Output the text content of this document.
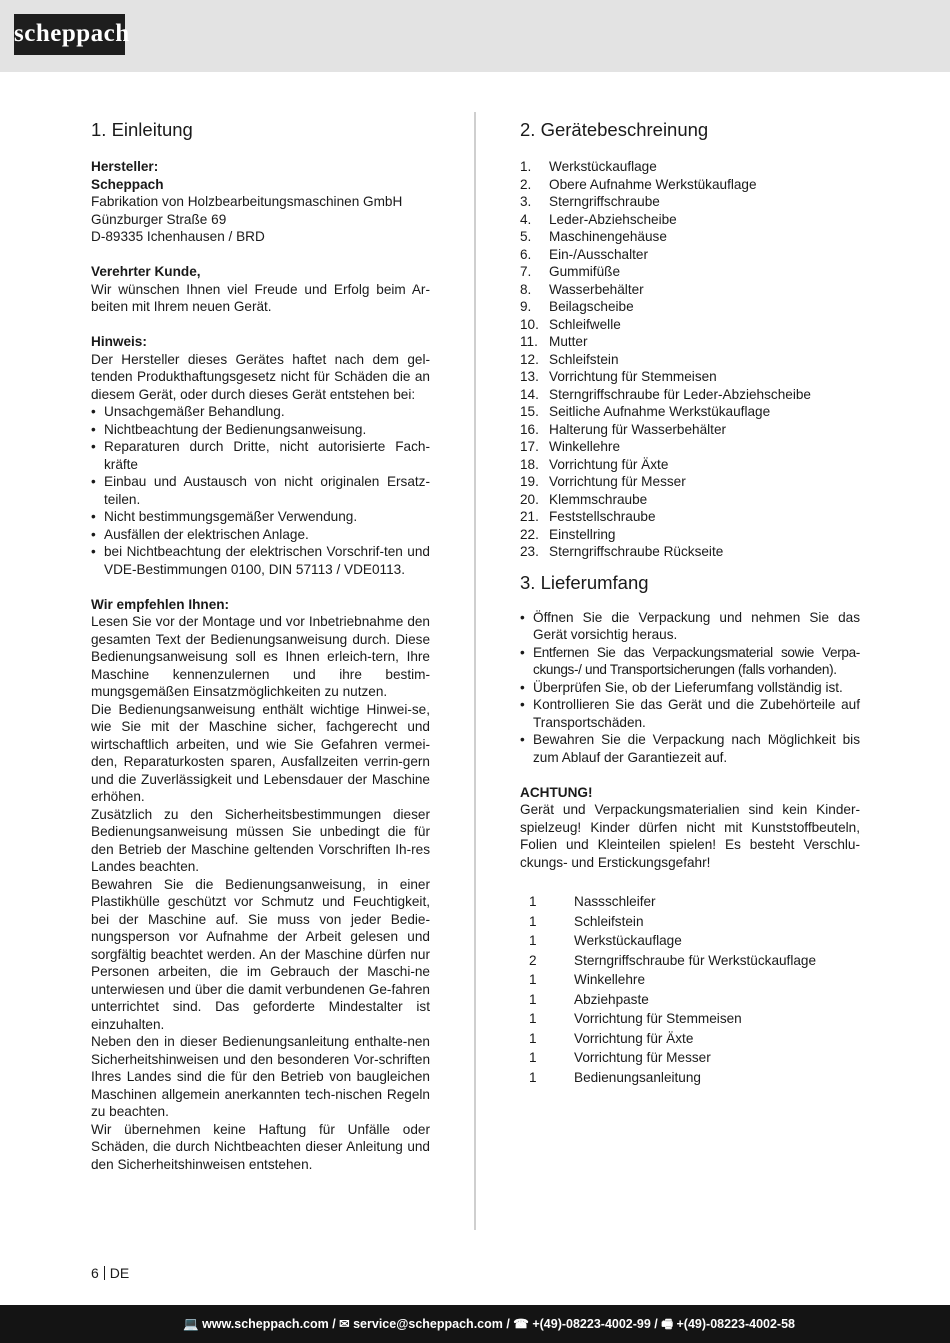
scheppach
1. Einleitung

Hersteller:

Scheppach

Fabrikation von Holzbearbeitungsmaschinen GmbH

Günzburger Straße 69

D-89335 Ichenhausen / BRD

Verehrter Kunde,

Wir wünschen Ihnen viel Freude und Erfolg beim Ar-beiten mit Ihrem neuen Gerät.

Hinweis:

Der Hersteller dieses Gerätes haftet nach dem gel-tenden Produkthaftungsgesetz nicht für Schäden die an diesem Gerät, oder durch dieses Gerät entstehen bei:

• Unsachgemäßer Behandlung.
• Nichtbeachtung der Bedienungsanweisung.
• Reparaturen durch Dritte, nicht autorisierte Fach-kräfte
• Einbau und Austausch von nicht originalen Ersatz-teilen.
• Nicht bestimmungsgemäßer Verwendung.
• Ausfällen der elektrischen Anlage.
• bei Nichtbeachtung der elektrischen Vorschrif-ten und VDE-Bestimmungen 0100, DIN 57113 / VDE0113.

Wir empfehlen Ihnen:

Lesen Sie vor der Montage und vor Inbetriebnahme den gesamten Text der Bedienungsanweisung durch. Diese Bedienungsanweisung soll es Ihnen erleich-tern, Ihre Maschine kennenzulernen und ihre bestim-mungsgemäßen Einsatzmöglichkeiten zu nutzen.

Die Bedienungsanweisung enthält wichtige Hinwei-se, wie Sie mit der Maschine sicher, fachgerecht und wirtschaftlich arbeiten, und wie Sie Gefahren vermei-den, Reparaturkosten sparen, Ausfallzeiten verrin-gern und die Zuverlässigkeit und Lebensdauer der Maschine erhöhen.

Zusätzlich zu den Sicherheitsbestimmungen dieser Bedienungsanweisung müssen Sie unbedingt die für den Betrieb der Maschine geltenden Vorschriften Ih-res Landes beachten.

Bewahren Sie die Bedienungsanweisung, in einer Plastikhülle geschützt vor Schmutz und Feuchtigkeit, bei der Maschine auf. Sie muss von jeder Bedie-nungsperson vor Aufnahme der Arbeit gelesen und sorgfältig beachtet werden. An der Maschine dürfen nur Personen arbeiten, die im Gebrauch der Maschi-ne unterwiesen und über die damit verbundenen Ge-fahren unterrichtet sind. Das geforderte Mindestalter ist einzuhalten.

Neben den in dieser Bedienungsanleitung enthalte-nen Sicherheitshinweisen und den besonderen Vor-schriften Ihres Landes sind die für den Betrieb von baugleichen Maschinen allgemein anerkannten tech-nischen Regeln zu beachten.

Wir übernehmen keine Haftung für Unfälle oder Schäden, die durch Nichtbeachten dieser Anleitung und den Sicherheitshinweisen entstehen.

2. Gerätebeschreinung
1.	Werkstückauflage
2.	Obere Aufnahme Werkstükauflage
3.	Sterngriffschraube
4.	Leder-Abziehscheibe
5.	Maschinengehäuse
6.	Ein-/Ausschalter
7.	Gummifüße
8.	Wasserbehälter
9.	Beilagscheibe
10. Schleifwelle
11. Mutter
12. Schleifstein
13. Vorrichtung für Stemmeisen
14. Sterngriffschraube für Leder-Abziehscheibe
15. Seitliche Aufnahme Werkstükauflage
16. Halterung für Wasserbehälter
17. Winkellehre
18. Vorrichtung für Äxte
19. Vorrichtung für Messer
20. Klemmschraube
21. Feststellschraube
22. Einstellring
23. Sterngriffschraube Rückseite
3. Lieferumfang
• Öffnen Sie die Verpackung und nehmen Sie das Gerät vorsichtig heraus.
• Entfernen Sie das Verpackungsmaterial sowie Verpa-ckungs-/ und Transportsicherungen (falls vorhanden).
• Überprüfen Sie, ob der Lieferumfang vollständig ist.
• Kontrollieren Sie das Gerät und die Zubehörteile auf Transportschäden.
• Bewahren Sie die Verpackung nach Möglichkeit bis zum Ablauf der Garantiezeit auf.

ACHTUNG!

Gerät und Verpackungsmaterialien sind kein Kinder-spielzeug! Kinder dürfen nicht mit Kunststoffbeuteln, Folien und Kleinteilen spielen! Es besteht Verschlu-ckungs- und Erstickungsgefahr!

1	Nassschleifer
1	Schleifstein
1	Werkstückauflage
2	Sterngriffschraube für Werkstückauflage
1	Winkellehre
1	Abziehpaste
1	Vorrichtung für Stemmeisen
1	Vorrichtung für Äxte
1	Vorrichtung für Messer
1	Bedienungsanleitung
6 DE
💻 www.scheppach.com / ✉ service@scheppach.com / ☎ +(49)-08223-4002-99 / 🖷 +(49)-08223-4002-58
